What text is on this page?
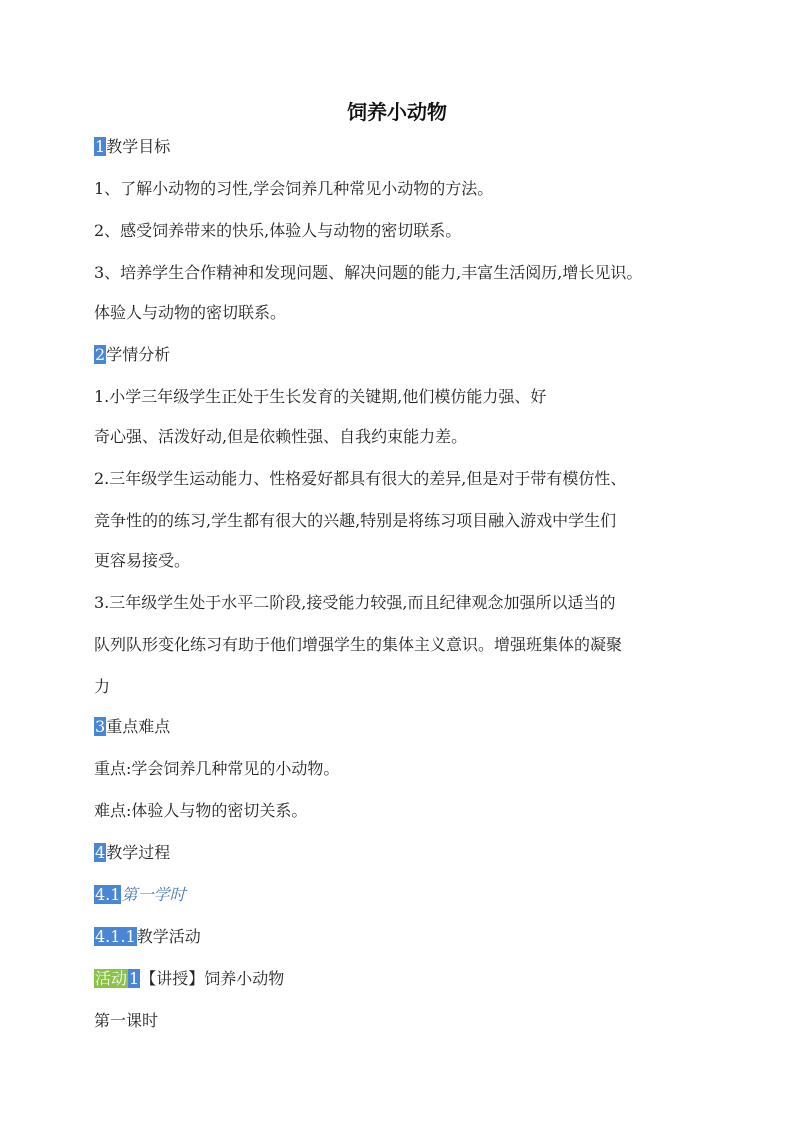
饲养小动物
1教学目标
1、了解小动物的习性,学会饲养几种常见小动物的方法。
2、感受饲养带来的快乐,体验人与动物的密切联系。
3、培养学生合作精神和发现问题、解决问题的能力,丰富生活阅历,增长见识。
体验人与动物的密切联系。
2学情分析
1.小学三年级学生正处于生长发育的关键期,他们模仿能力强、好
奇心强、活泼好动,但是依赖性强、自我约束能力差。
2.三年级学生运动能力、性格爱好都具有很大的差异,但是对于带有模仿性、
竞争性的的练习,学生都有很大的兴趣,特别是将练习项目融入游戏中学生们
更容易接受。
3.三年级学生处于水平二阶段,接受能力较强,而且纪律观念加强所以适当的
队列队形变化练习有助于他们增强学生的集体主义意识。增强班集体的凝聚
力
3重点难点
重点:学会饲养几种常见的小动物。
难点:体验人与物的密切关系。
4教学过程
4.1第一学时
4.1.1教学活动
活动 1【讲授】饲养小动物
第一课时
